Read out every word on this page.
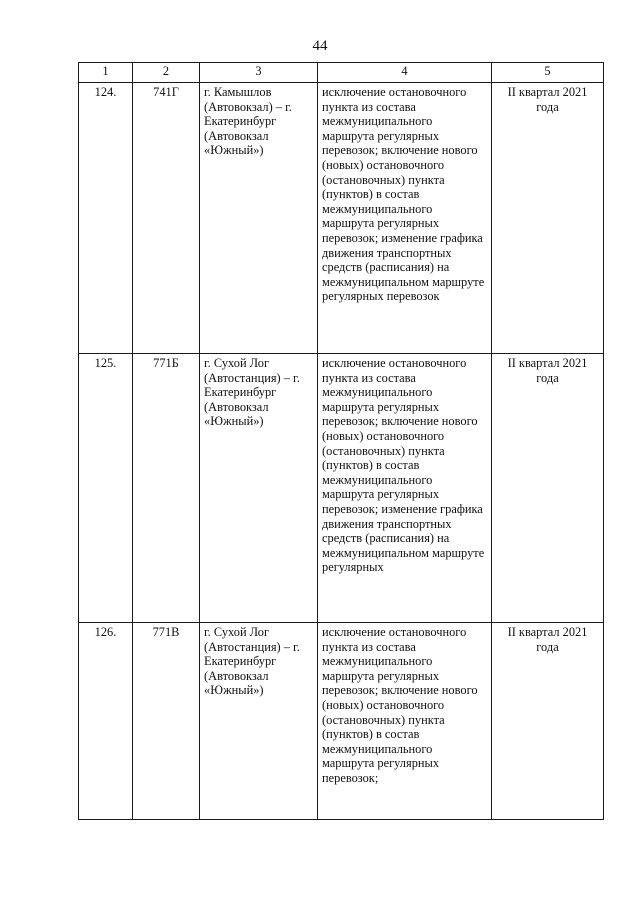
44
1	2	3	4	5
124.	741Г	г. Камышлов (Автовокзал) – г. Екатеринбург (Автовокзал «Южный»)	исключение остановочного пункта из состава межмуниципального маршрута регулярных перевозок; включение нового (новых) остановочного (остановочных) пункта (пунктов) в состав межмуниципального маршрута регулярных перевозок; изменение графика движения транспортных средств (расписания) на межмуниципальном маршруте регулярных перевозок	II квартал 2021 года
125.	771Б	г. Сухой Лог (Автостанция) – г. Екатеринбург (Автовокзал «Южный»)	исключение остановочного пункта из состава межмуниципального маршрута регулярных перевозок; включение нового (новых) остановочного (остановочных) пункта (пунктов) в состав межмуниципального маршрута регулярных перевозок; изменение графика движения транспортных средств (расписания) на межмуниципальном маршруте регулярных	II квартал 2021 года
126.	771В	г. Сухой Лог (Автостанция) – г. Екатеринбург (Автовокзал «Южный»)	исключение остановочного пункта из состава межмуниципального маршрута регулярных перевозок; включение нового (новых) остановочного (остановочных) пункта (пунктов) в состав межмуниципального маршрута регулярных перевозок;	II квартал 2021 года
